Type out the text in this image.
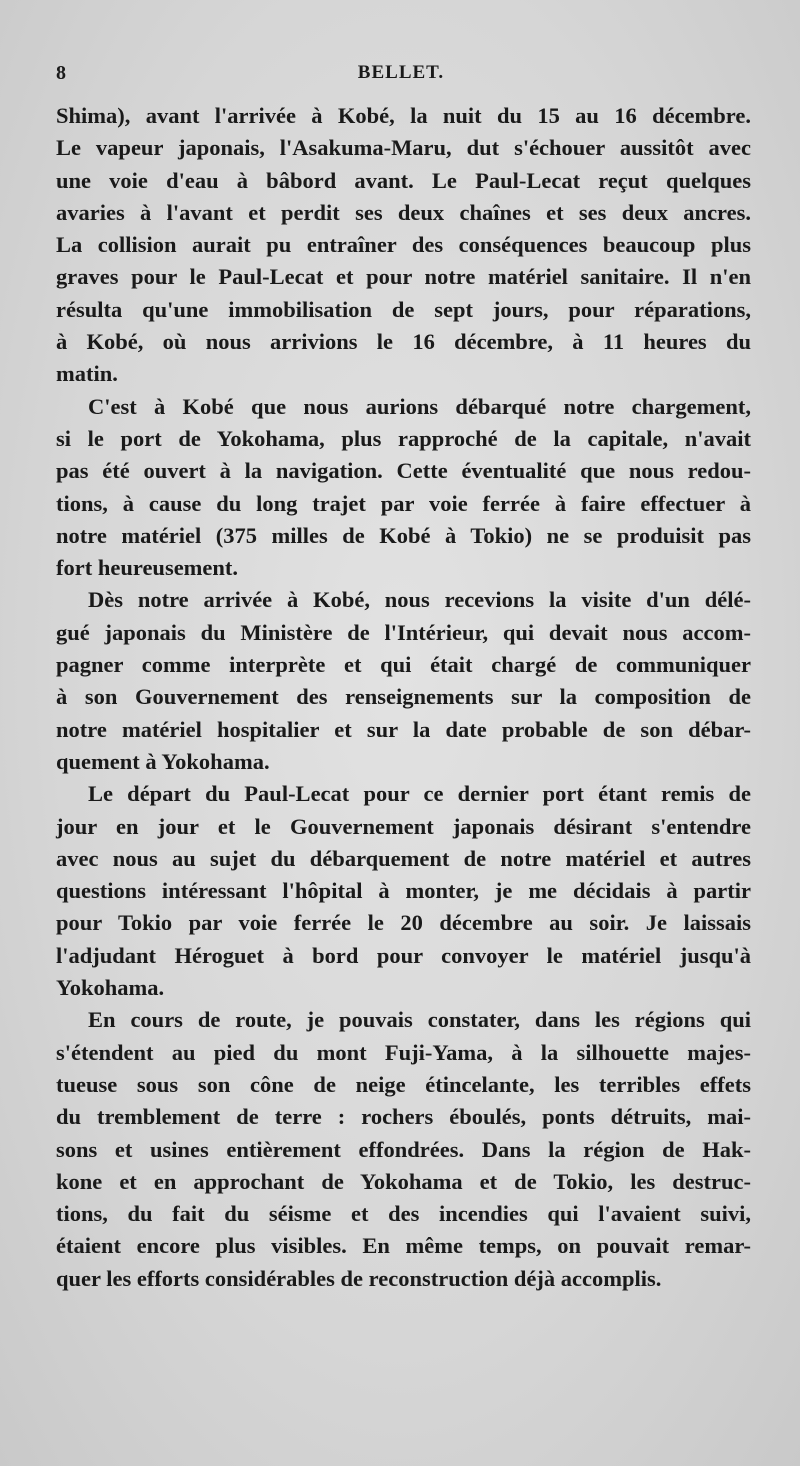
8	BELLET.
Shima), avant l'arrivée à Kobé, la nuit du 15 au 16 décembre.
Le vapeur japonais, l'Asakuma-Maru, dut s'échouer aussitôt avec
une voie d'eau à bâbord avant. Le Paul-Lecat reçut quelques
avaries à l'avant et perdit ses deux chaînes et ses deux ancres.
La collision aurait pu entraîner des conséquences beaucoup plus
graves pour le Paul-Lecat et pour notre matériel sanitaire. Il n'en
résulta qu'une immobilisation de sept jours, pour réparations,
à Kobé, où nous arrivions le 16 décembre, à 11 heures du
matin.
C'est à Kobé que nous aurions débarqué notre chargement,
si le port de Yokohama, plus rapproché de la capitale, n'avait
pas été ouvert à la navigation. Cette éventualité que nous redou-
tions, à cause du long trajet par voie ferrée à faire effectuer à
notre matériel (375 milles de Kobé à Tokio) ne se produisit pas
fort heureusement.
Dès notre arrivée à Kobé, nous recevions la visite d'un délé-
gué japonais du Ministère de l'Intérieur, qui devait nous accom-
pagner comme interprète et qui était chargé de communiquer
à son Gouvernement des renseignements sur la composition de
notre matériel hospitalier et sur la date probable de son débar-
quement à Yokohama.
Le départ du Paul-Lecat pour ce dernier port étant remis de
jour en jour et le Gouvernement japonais désirant s'entendre
avec nous au sujet du débarquement de notre matériel et autres
questions intéressant l'hôpital à monter, je me décidais à partir
pour Tokio par voie ferrée le 20 décembre au soir. Je laissais
l'adjudant Héroguet à bord pour convoyer le matériel jusqu'à
Yokohama.
En cours de route, je pouvais constater, dans les régions qui
s'étendent au pied du mont Fuji-Yama, à la silhouette majes-
tueuse sous son cône de neige étincelante, les terribles effets
du tremblement de terre : rochers éboulés, ponts détruits, mai-
sons et usines entièrement effondrées. Dans la région de Hak-
kone et en approchant de Yokohama et de Tokio, les destruc-
tions, du fait du séisme et des incendies qui l'avaient suivi,
étaient encore plus visibles. En même temps, on pouvait remar-
quer les efforts considérables de reconstruction déjà accomplis.
